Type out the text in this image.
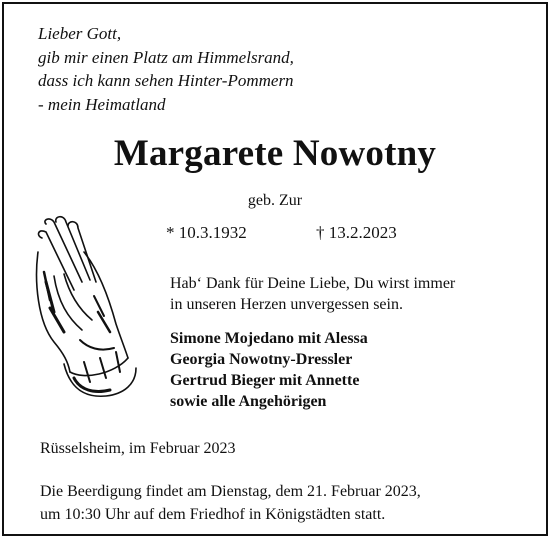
Lieber Gott,
gib mir einen Platz am Himmelsrand,
dass ich kann sehen Hinter-Pommern
- mein Heimatland
Margarete Nowotny
geb. Zur
* 10.3.1932	† 13.2.2023
Hab‘ Dank für Deine Liebe, Du wirst immer
in unseren Herzen unvergessen sein.
Simone Mojedano mit Alessa
Georgia Nowotny-Dressler
Gertrud Bieger mit Annette
sowie alle Angehörigen
Rüsselsheim, im Februar 2023
Die Beerdigung findet am Dienstag, dem 21. Februar 2023,
um 10:30 Uhr auf dem Friedhof in Königstädten statt.
